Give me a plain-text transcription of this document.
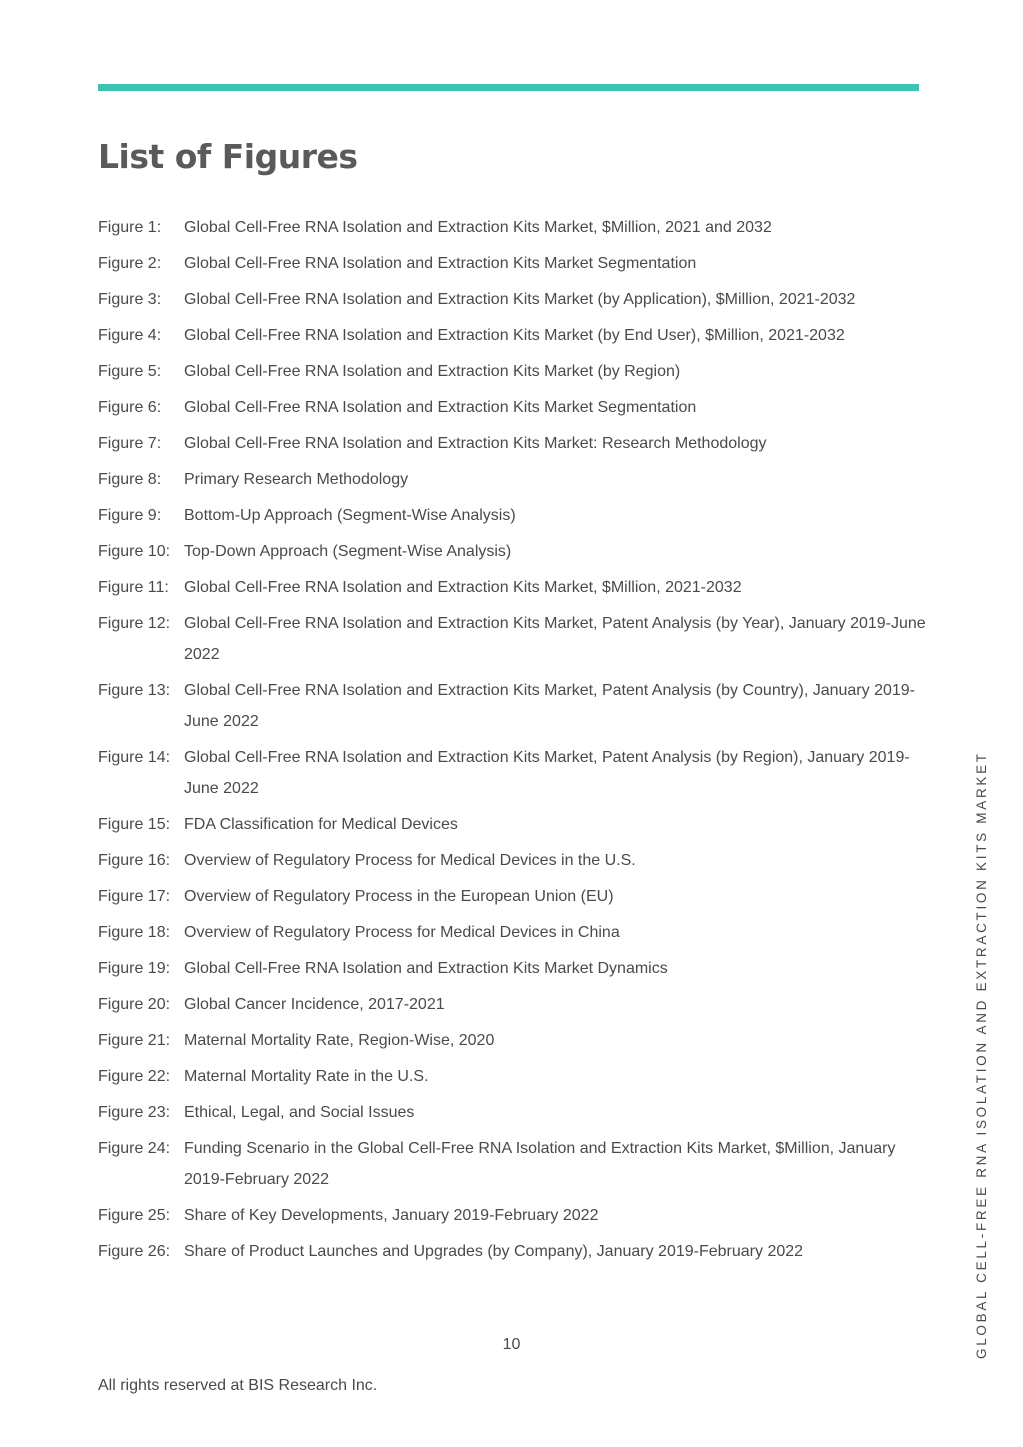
List of Figures
Figure 1:	Global Cell-Free RNA Isolation and Extraction Kits Market, $Million, 2021 and 2032
Figure 2:	Global Cell-Free RNA Isolation and Extraction Kits Market Segmentation
Figure 3:	Global Cell-Free RNA Isolation and Extraction Kits Market (by Application), $Million, 2021-2032
Figure 4:	Global Cell-Free RNA Isolation and Extraction Kits Market (by End User), $Million, 2021-2032
Figure 5:	Global Cell-Free RNA Isolation and Extraction Kits Market (by Region)
Figure 6:	Global Cell-Free RNA Isolation and Extraction Kits Market Segmentation
Figure 7:	Global Cell-Free RNA Isolation and Extraction Kits Market: Research Methodology
Figure 8:	Primary Research Methodology
Figure 9:	Bottom-Up Approach (Segment-Wise Analysis)
Figure 10: Top-Down Approach (Segment-Wise Analysis)
Figure 11: Global Cell-Free RNA Isolation and Extraction Kits Market, $Million, 2021-2032
Figure 12: Global Cell-Free RNA Isolation and Extraction Kits Market, Patent Analysis (by Year), January 2019-June 2022
Figure 13: Global Cell-Free RNA Isolation and Extraction Kits Market, Patent Analysis (by Country), January 2019-June 2022
Figure 14: Global Cell-Free RNA Isolation and Extraction Kits Market, Patent Analysis (by Region), January 2019-June 2022
Figure 15: FDA Classification for Medical Devices
Figure 16: Overview of Regulatory Process for Medical Devices in the U.S.
Figure 17: Overview of Regulatory Process in the European Union (EU)
Figure 18: Overview of Regulatory Process for Medical Devices in China
Figure 19: Global Cell-Free RNA Isolation and Extraction Kits Market Dynamics
Figure 20: Global Cancer Incidence, 2017-2021
Figure 21: Maternal Mortality Rate, Region-Wise, 2020
Figure 22: Maternal Mortality Rate in the U.S.
Figure 23: Ethical, Legal, and Social Issues
Figure 24: Funding Scenario in the Global Cell-Free RNA Isolation and Extraction Kits Market, $Million, January 2019-February 2022
Figure 25: Share of Key Developments, January 2019-February 2022
Figure 26: Share of Product Launches and Upgrades (by Company), January 2019-February 2022
10
All rights reserved at BIS Research Inc.
GLOBAL CELL-FREE RNA ISOLATION AND EXTRACTION KITS MARKET
